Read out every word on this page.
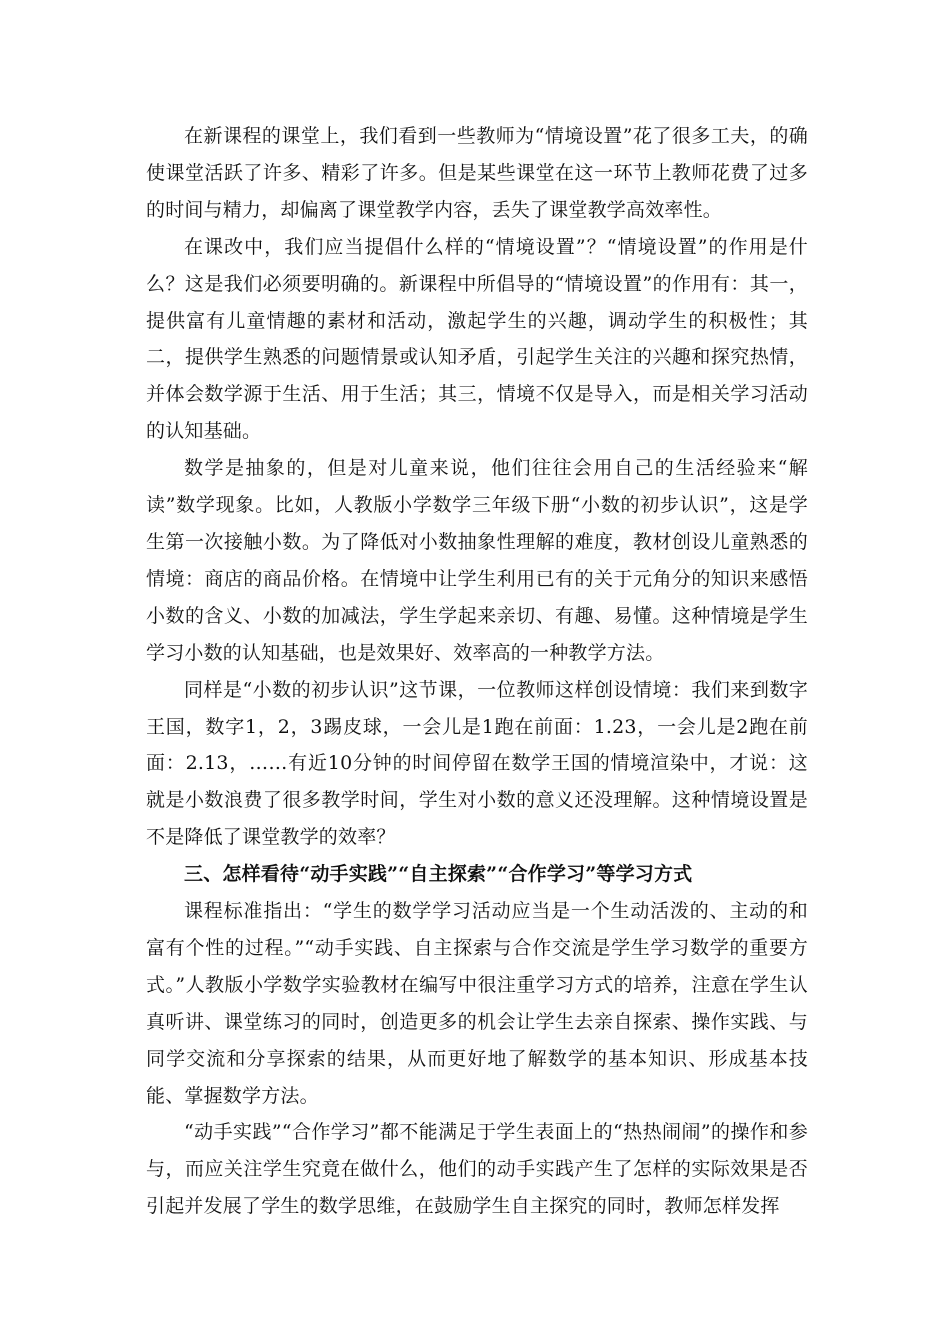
在新课程的课堂上，我们看到一些教师为“情境设置”花了很多工夫，的确使课堂活跃了许多、精彩了许多。但是某些课堂在这一环节上教师花费了过多的时间与精力，却偏离了课堂教学内容，丢失了课堂教学高效率性。

在课改中，我们应当提倡什么样的“情境设置”？“情境设置”的作用是什么？这是我们必须要明确的。新课程中所倡导的“情境设置”的作用有：其一，提供富有儿童情趣的素材和活动，激起学生的兴趣，调动学生的积极性；其二，提供学生熟悉的问题情景或认知矛盾，引起学生关注的兴趣和探究热情，并体会数学源于生活、用于生活；其三，情境不仅是导入，而是相关学习活动的认知基础。

数学是抽象的，但是对儿童来说，他们往往会用自己的生活经验来“解读”数学现象。比如，人教版小学数学三年级下册“小数的初步认识”，这是学生第一次接触小数。为了降低对小数抽象性理解的难度，教材创设儿童熟悉的情境：商店的商品价格。在情境中让学生利用已有的关于元角分的知识来感悟小数的含义、小数的加减法，学生学起来亲切、有趣、易懂。这种情境是学生学习小数的认知基础，也是效果好、效率高的一种教学方法。

同样是“小数的初步认识”这节课，一位教师这样创设情境：我们来到数字王国，数字1，2，3踢皮球，一会儿是1跑在前面：1.23，一会儿是2跑在前面：2.13，……有近10分钟的时间停留在数学王国的情境渲染中，才说：这就是小数浪费了很多教学时间，学生对小数的意义还没理解。这种情境设置是不是降低了课堂教学的效率？

三、怎样看待“动手实践”“自主探索”“合作学习”等学习方式

课程标准指出：“学生的数学学习活动应当是一个生动活泼的、主动的和富有个性的过程。”“动手实践、自主探索与合作交流是学生学习数学的重要方式。”人教版小学数学实验教材在编写中很注重学习方式的培养，注意在学生认真听讲、课堂练习的同时，创造更多的机会让学生去亲自探索、操作实践、与同学交流和分享探索的结果，从而更好地了解数学的基本知识、形成基本技能、掌握数学方法。

“动手实践”“合作学习”都不能满足于学生表面上的“热热闹闹”的操作和参与，而应关注学生究竟在做什么，他们的动手实践产生了怎样的实际效果是否引起并发展了学生的数学思维，在鼓励学生自主探究的同时，教师怎样发挥
